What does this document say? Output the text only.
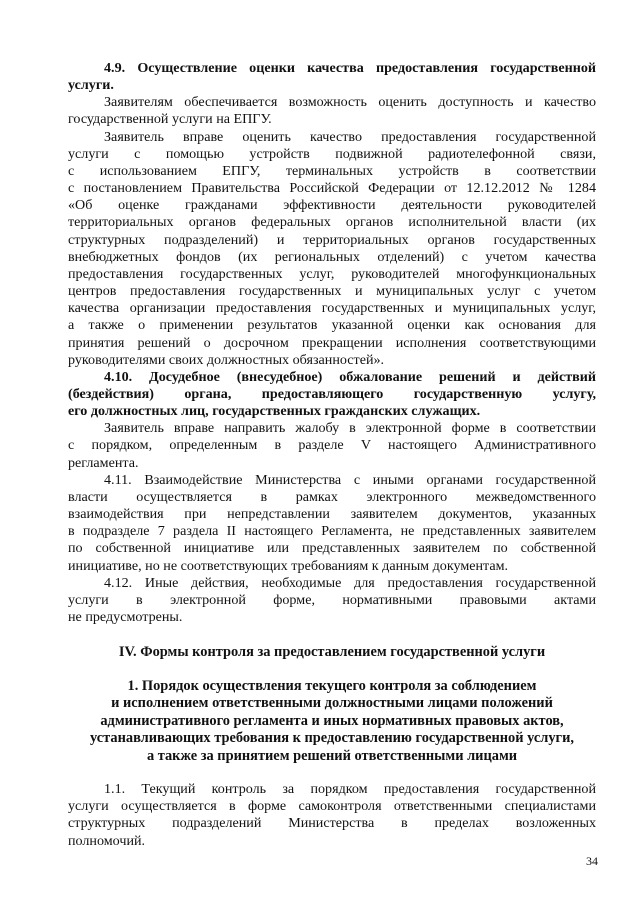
4.9. Осуществление оценки качества предоставления государственной
услуги.
Заявителям обеспечивается возможность оценить доступность и качество
государственной услуги на ЕПГУ.
Заявитель вправе оценить качество предоставления государственной
услуги с помощью устройств подвижной радиотелефонной связи,
с использованием ЕПГУ, терминальных устройств в соответствии
с постановлением Правительства Российской Федерации от 12.12.2012 № 1284
«Об оценке гражданами эффективности деятельности руководителей
территориальных органов федеральных органов исполнительной власти (их
структурных подразделений) и территориальных органов государственных
внебюджетных фондов (их региональных отделений) с учетом качества
предоставления государственных услуг, руководителей многофункциональных
центров предоставления государственных и муниципальных услуг с учетом
качества организации предоставления государственных и муниципальных услуг,
а также о применении результатов указанной оценки как основания для
принятия решений о досрочном прекращении исполнения соответствующими
руководителями своих должностных обязанностей».
4.10. Досудебное (внесудебное) обжалование решений и действий
(бездействия) органа, предоставляющего государственную услугу,
его должностных лиц, государственных гражданских служащих.
Заявитель вправе направить жалобу в электронной форме в соответствии
с порядком, определенным в разделе V настоящего Административного
регламента.
4.11. Взаимодействие Министерства с иными органами государственной
власти осуществляется в рамках электронного межведомственного
взаимодействия при непредставлении заявителем документов, указанных
в подразделе 7 раздела II настоящего Регламента, не представленных заявителем
по собственной инициативе или представленных заявителем по собственной
инициативе, но не соответствующих требованиям к данным документам.
4.12. Иные действия, необходимые для предоставления государственной
услуги в электронной форме, нормативными правовыми актами
не предусмотрены.
IV. Формы контроля за предоставлением государственной услуги
1. Порядок осуществления текущего контроля за соблюдением
и исполнением ответственными должностными лицами положений
административного регламента и иных нормативных правовых актов,
устанавливающих требования к предоставлению государственной услуги,
а также за принятием решений ответственными лицами
1.1. Текущий контроль за порядком предоставления государственной
услуги осуществляется в форме самоконтроля ответственными специалистами
структурных подразделений Министерства в пределах возложенных
полномочий.
34
